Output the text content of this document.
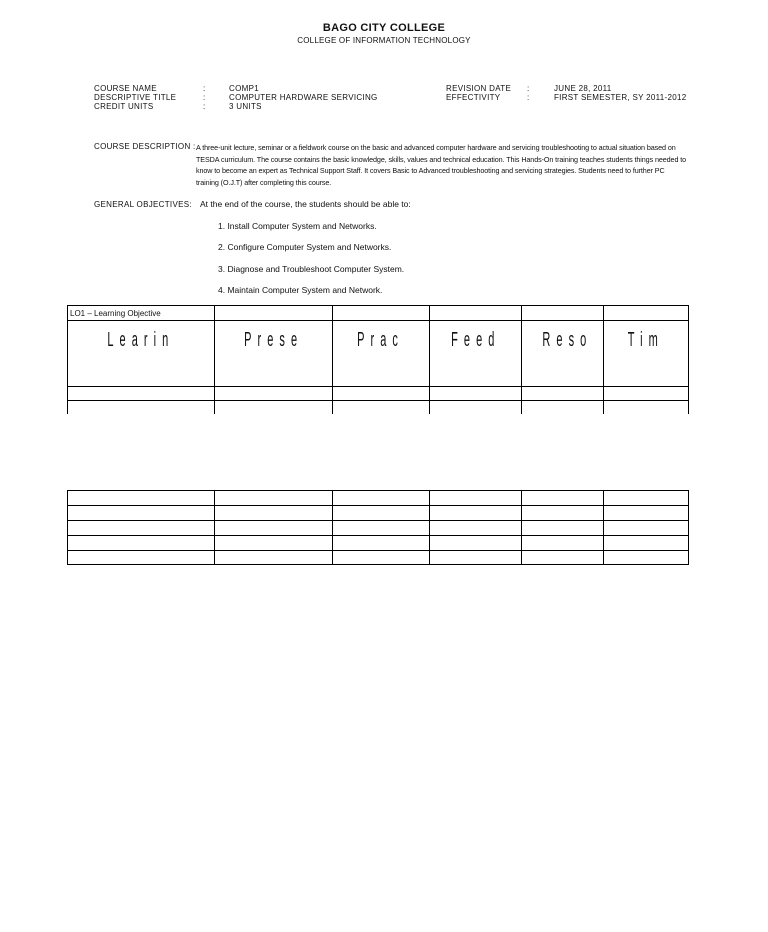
BAGO CITY COLLEGE
COLLEGE OF INFORMATION TECHNOLOGY
COURSE NAME	:	COMP1
DESCRIPTIVE TITLE	:	COMPUTER HARDWARE SERVICING
CREDIT UNITS	:	3 UNITS
REVISION DATE :	JUNE 28, 2011
EFFECTIVITY	:	FIRST SEMESTER, SY 2011-2012
COURSE DESCRIPTION : A three-unit lecture, seminar or a fieldwork course on the basic and advanced computer hardware and servicing troubleshooting to actual situation based on TESDA curriculum. The course contains the basic knowledge, skills, values and technical education. This Hands-On training teaches students things needed to know to become an expert as Technical Support Staff. It covers Basic to Advanced troubleshooting and servicing strategies. Students need to further PC training (O.J.T) after completing this course.
GENERAL OBJECTIVES: At the end of the course, the students should be able to:
1. Install Computer System and Networks.
2. Configure Computer System and Networks.
3. Diagnose and Troubleshoot Computer System.
4. Maintain Computer System and Network.
LO1 – Learning Objective					
Learin	Prese	Prac	Feed	Reso	Tim
